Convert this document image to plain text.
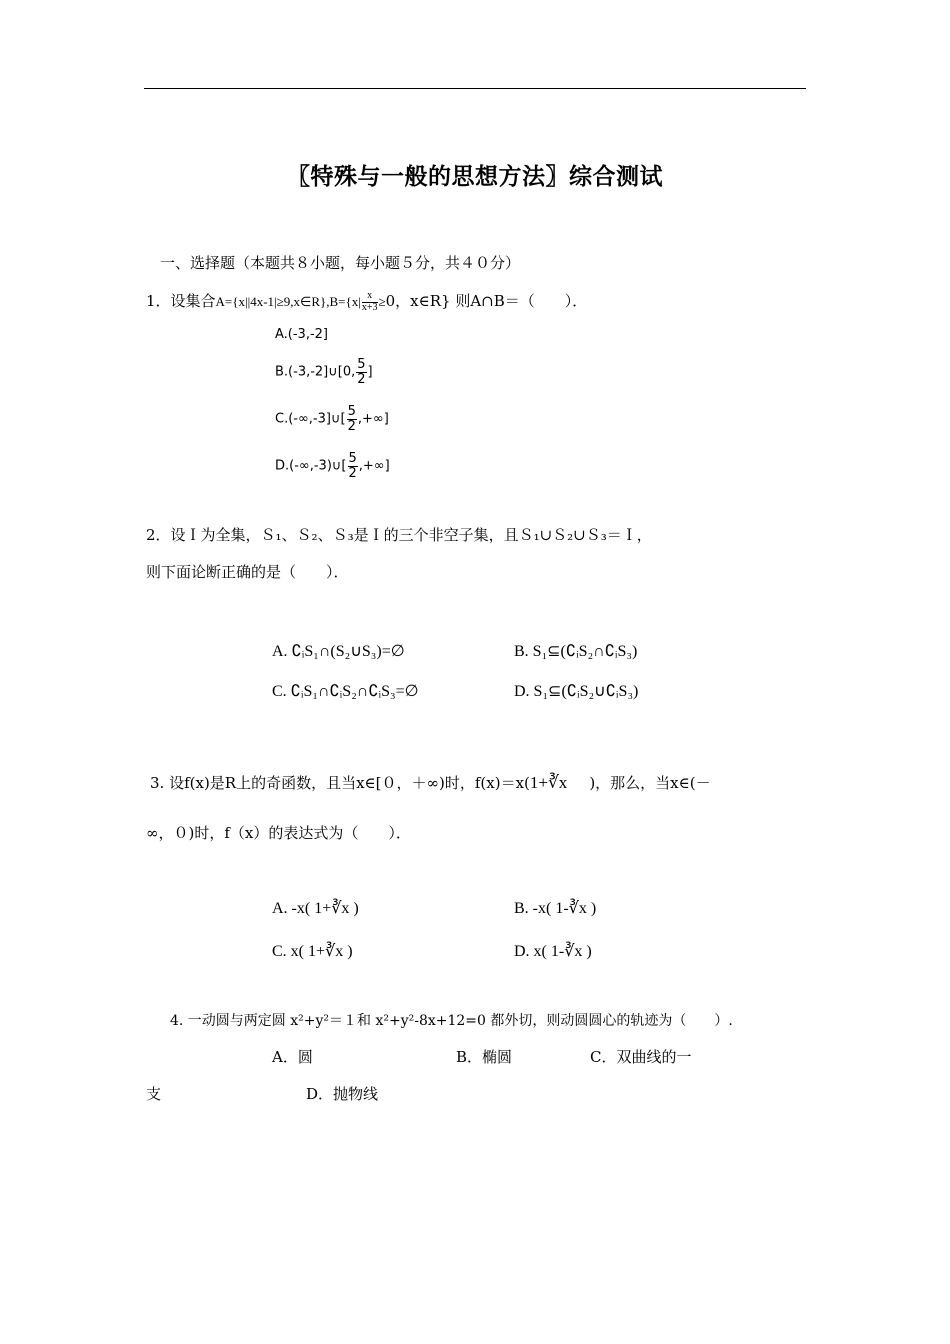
〖特殊与一般的思想方法〗综合测试
一、选择题（本题共８小题，每小题５分，共４０分）
1．设集合A={x||4x-1|≥9,x∈R},B={x| $\frac{x}{x+3} \ge 0$，x∈R} 则A∩B＝（　　）．
A.(-3,-2]
B.(-3,-2]∪[0, $\frac{5}{2}$ ]
C.(-∞,-3]∪[ $\frac{5}{2}$ ,+∞]
D.(-∞,-3)∪[ $\frac{5}{2}$ ,+∞]
2．设Ｉ为全集，Ｓ₁、Ｓ₂、Ｓ₃是Ｉ的三个非空子集，且Ｓ₁∪Ｓ₂∪Ｓ₃＝Ｉ，
则下面论断正确的是（　　）．
A. ∁ᵢS₁∩(S₂∪S₃)=∅	B. S₁⊆(∁ᵢS₂∩∁ᵢS₃)
C. ∁ᵢS₁∩∁ᵢS₂∩∁ᵢS₃=∅	D. S₁⊆(∁ᵢS₂∪∁ᵢS₃)
3. 设f(x)是R上的奇函数，且当x∈[０，＋∞)时，f(x)＝x(1+∛x )，那么，当x∈(－
∞，０)时，f（x）的表达式为（　　）．
A. -x( 1+∛x )	B. -x( 1-∛x )
C. x( 1+∛x )	D. x( 1-∛x )
4. 一动圆与两定圆 x²+y²＝１和 x²+y²-8x+12=0 都外切，则动圆圆心的轨迹为（　　）.
A．圆	B．椭圆	C．双曲线的一
支	D．抛物线
